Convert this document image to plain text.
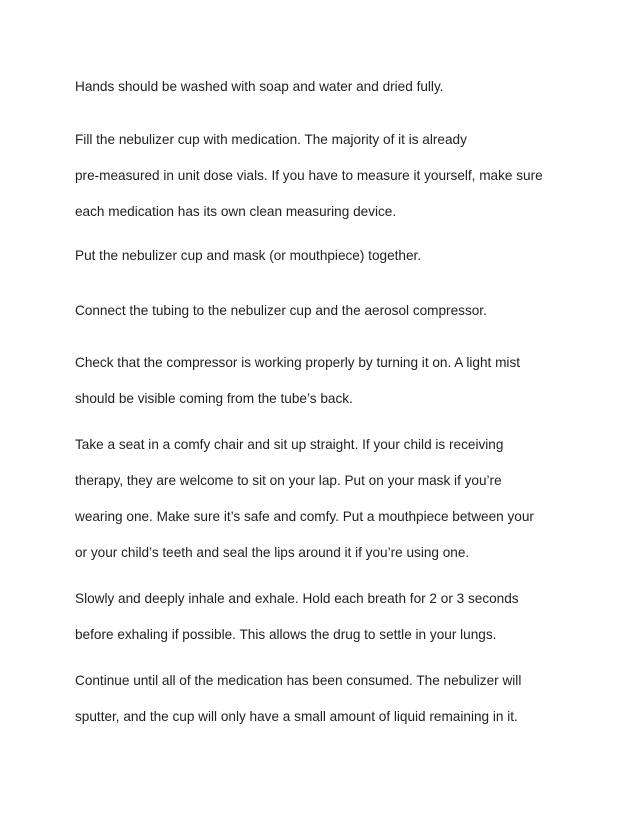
Hands should be washed with soap and water and dried fully.

Fill the nebulizer cup with medication. The majority of it is already
pre-measured in unit dose vials. If you have to measure it yourself, make sure
each medication has its own clean measuring device.

Put the nebulizer cup and mask (or mouthpiece) together.

Connect the tubing to the nebulizer cup and the aerosol compressor.

Check that the compressor is working properly by turning it on. A light mist
should be visible coming from the tube’s back.

Take a seat in a comfy chair and sit up straight. If your child is receiving
therapy, they are welcome to sit on your lap. Put on your mask if you’re
wearing one. Make sure it’s safe and comfy. Put a mouthpiece between your
or your child’s teeth and seal the lips around it if you’re using one.

Slowly and deeply inhale and exhale. Hold each breath for 2 or 3 seconds
before exhaling if possible. This allows the drug to settle in your lungs.

Continue until all of the medication has been consumed. The nebulizer will
sputter, and the cup will only have a small amount of liquid remaining in it.
